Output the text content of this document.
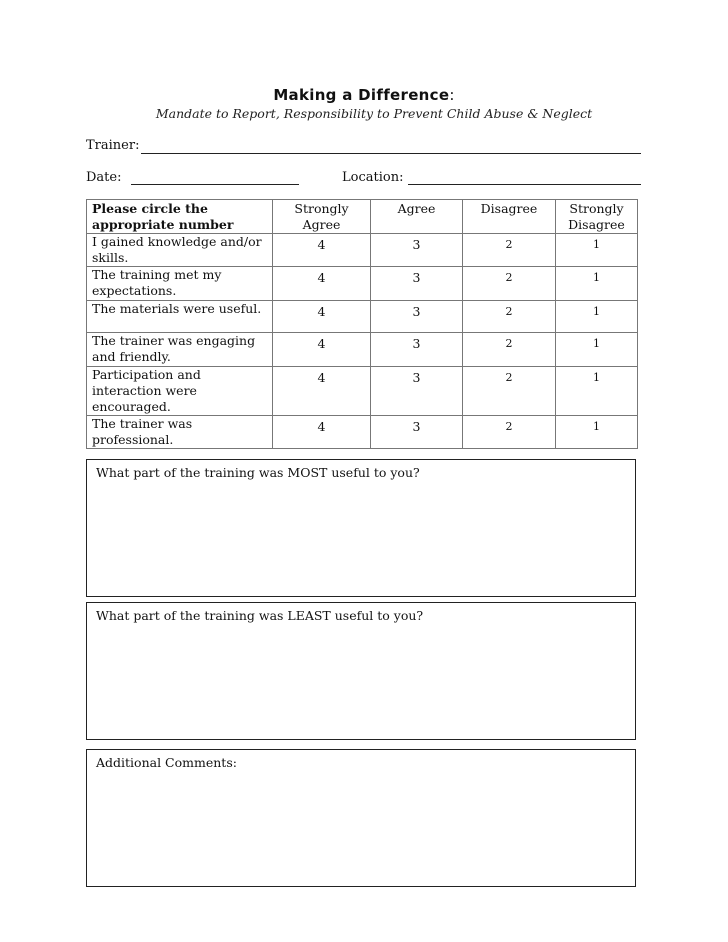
Making a Difference:
Mandate to Report, Responsibility to Prevent Child Abuse & Neglect
Trainer:
Date:	Location:
Please circle the appropriate number	Strongly Agree	Agree	Disagree	Strongly Disagree
I gained knowledge and/or skills.	4	3	2	1
The training met my expectations.	4	3	2	1
The materials were useful.	4	3	2	1
The trainer was engaging and friendly.	4	3	2	1
Participation and interaction were encouraged.	4	3	2	1
The trainer was professional.	4	3	2	1
What part of the training was MOST useful to you?
What part of the training was LEAST useful to you?
Additional Comments:
